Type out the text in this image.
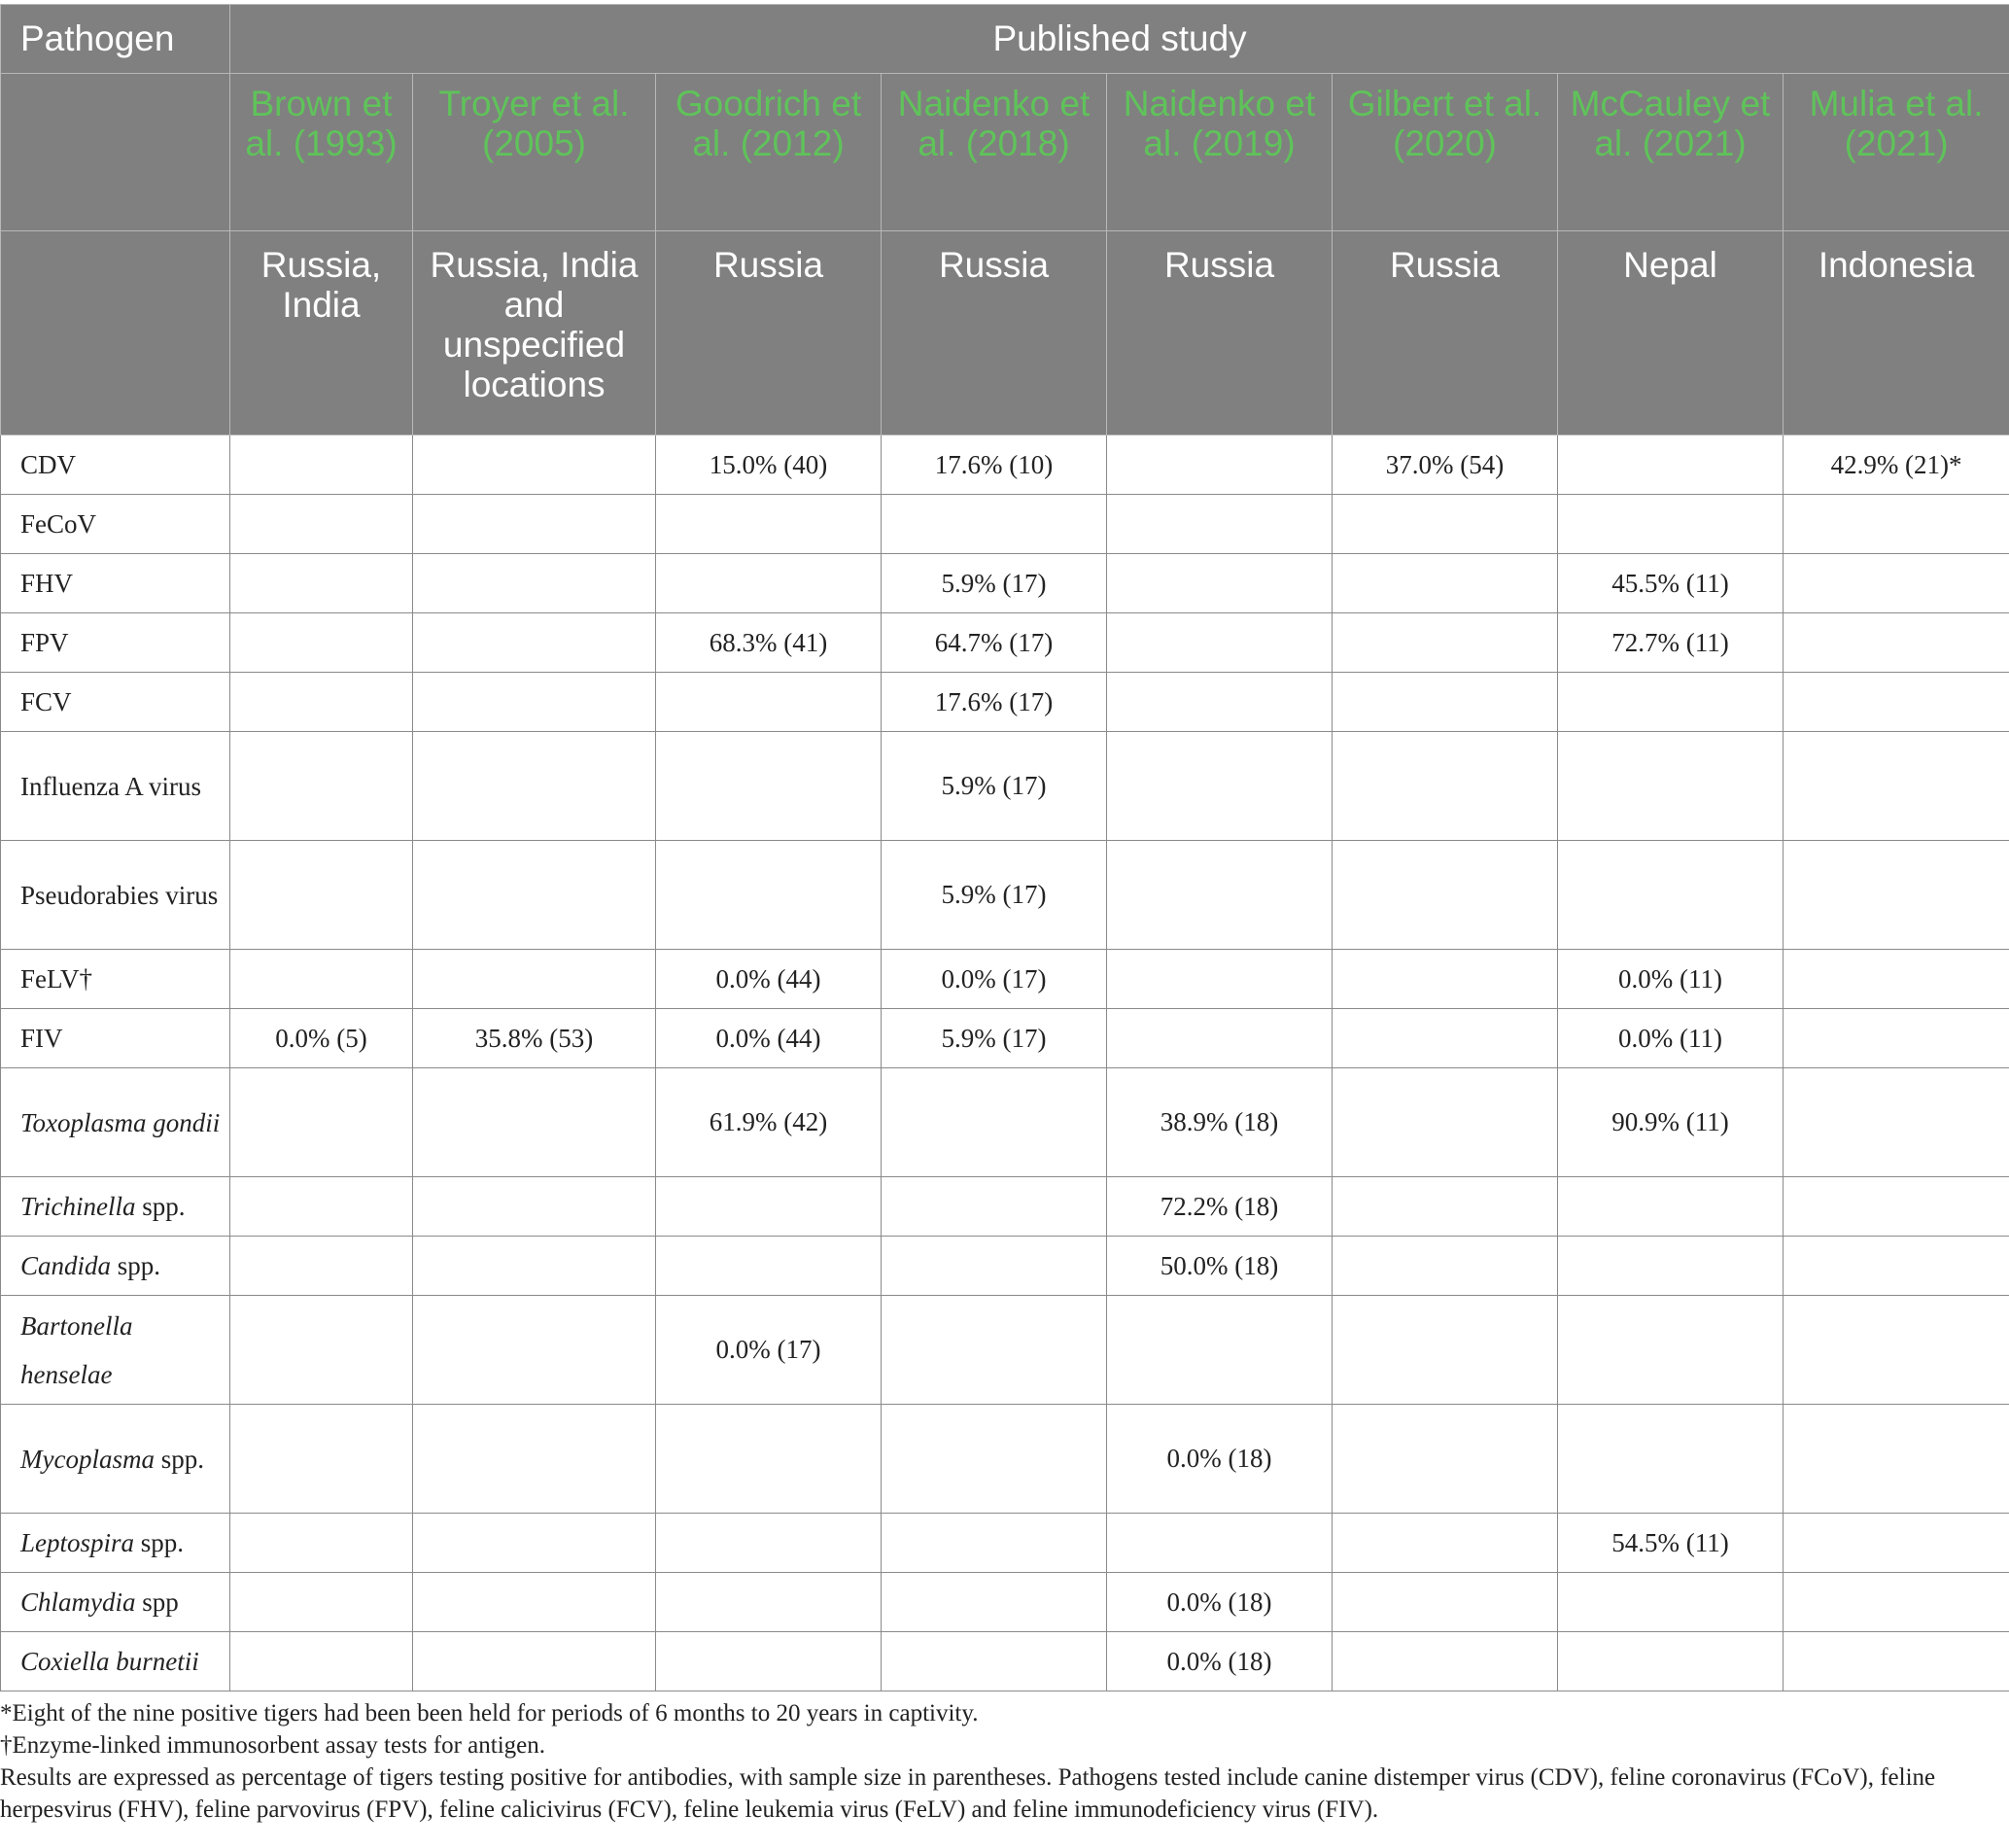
Pathogen	Published study							
	Brown et al. (1993)	Troyer et al. (2005)	Goodrich et al. (2012)	Naidenko et al. (2018)	Naidenko et al. (2019)	Gilbert et al. (2020)	McCauley et al. (2021)	Mulia et al. (2021)
	Russia, India	Russia, India and unspecified locations	Russia	Russia	Russia	Russia	Nepal	Indonesia
CDV			15.0% (40)	17.6% (10)		37.0% (54)		42.9% (21)*
FeCoV								
FHV				5.9% (17)			45.5% (11)	
FPV			68.3% (41)	64.7% (17)			72.7% (11)	
FCV				17.6% (17)				
Influenza A virus				5.9% (17)				
Pseudorabies virus				5.9% (17)				
FeLV†			0.0% (44)	0.0% (17)			0.0% (11)	
FIV	0.0% (5)	35.8% (53)	0.0% (44)	5.9% (17)			0.0% (11)	
Toxoplasma gondii			61.9% (42)		38.9% (18)		90.9% (11)	
Trichinella spp.					72.2% (18)			
Candida spp.					50.0% (18)			
Bartonella henselae			0.0% (17)					
Mycoplasma spp.					0.0% (18)			
Leptospira spp.							54.5% (11)	
Chlamydia spp					0.0% (18)			
Coxiella burnetii					0.0% (18)			

*Eight of the nine positive tigers had been been held for periods of 6 months to 20 years in captivity.

†Enzyme-linked immunosorbent assay tests for antigen.

Results are expressed as percentage of tigers testing positive for antibodies, with sample size in parentheses. Pathogens tested include canine distemper virus (CDV), feline coronavirus (FCoV), feline herpesvirus (FHV), feline parvovirus (FPV), feline calicivirus (FCV), feline leukemia virus (FeLV) and feline immunodeficiency virus (FIV).
